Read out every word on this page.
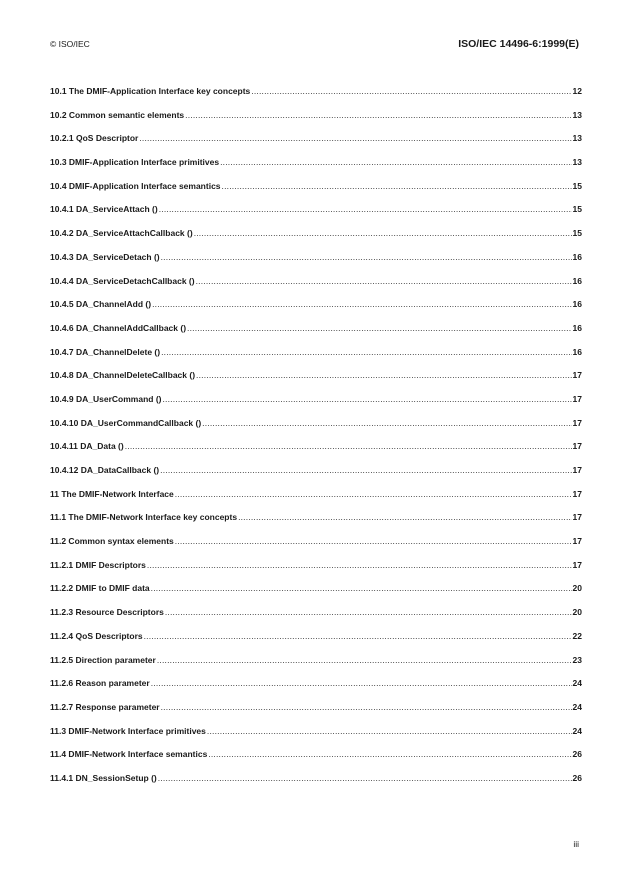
© ISO/IEC	ISO/IEC 14496-6:1999(E)
10.1 The DMIF-Application Interface key concepts .....	12
10.2 Common semantic elements .....	13
10.2.1 QoS Descriptor .....	13
10.3 DMIF-Application Interface primitives .....	13
10.4 DMIF-Application Interface semantics .....	15
10.4.1 DA_ServiceAttach () .....	15
10.4.2 DA_ServiceAttachCallback () .....	15
10.4.3 DA_ServiceDetach () .....	16
10.4.4 DA_ServiceDetachCallback () .....	16
10.4.5 DA_ChannelAdd () .....	16
10.4.6 DA_ChannelAddCallback () .....	16
10.4.7 DA_ChannelDelete () .....	16
10.4.8 DA_ChannelDeleteCallback () .....	17
10.4.9 DA_UserCommand () .....	17
10.4.10 DA_UserCommandCallback () .....	17
10.4.11 DA_Data () .....	17
10.4.12 DA_DataCallback () .....	17
11 The DMIF-Network Interface .....	17
11.1 The DMIF-Network Interface key concepts .....	17
11.2 Common syntax elements .....	17
11.2.1 DMIF Descriptors .....	17
11.2.2 DMIF to DMIF data .....	20
11.2.3 Resource Descriptors .....	20
11.2.4 QoS Descriptors .....	22
11.2.5 Direction parameter .....	23
11.2.6 Reason parameter .....	24
11.2.7 Response parameter .....	24
11.3 DMIF-Network Interface primitives .....	24
11.4 DMIF-Network Interface semantics .....	26
11.4.1 DN_SessionSetup () .....	26
iii
